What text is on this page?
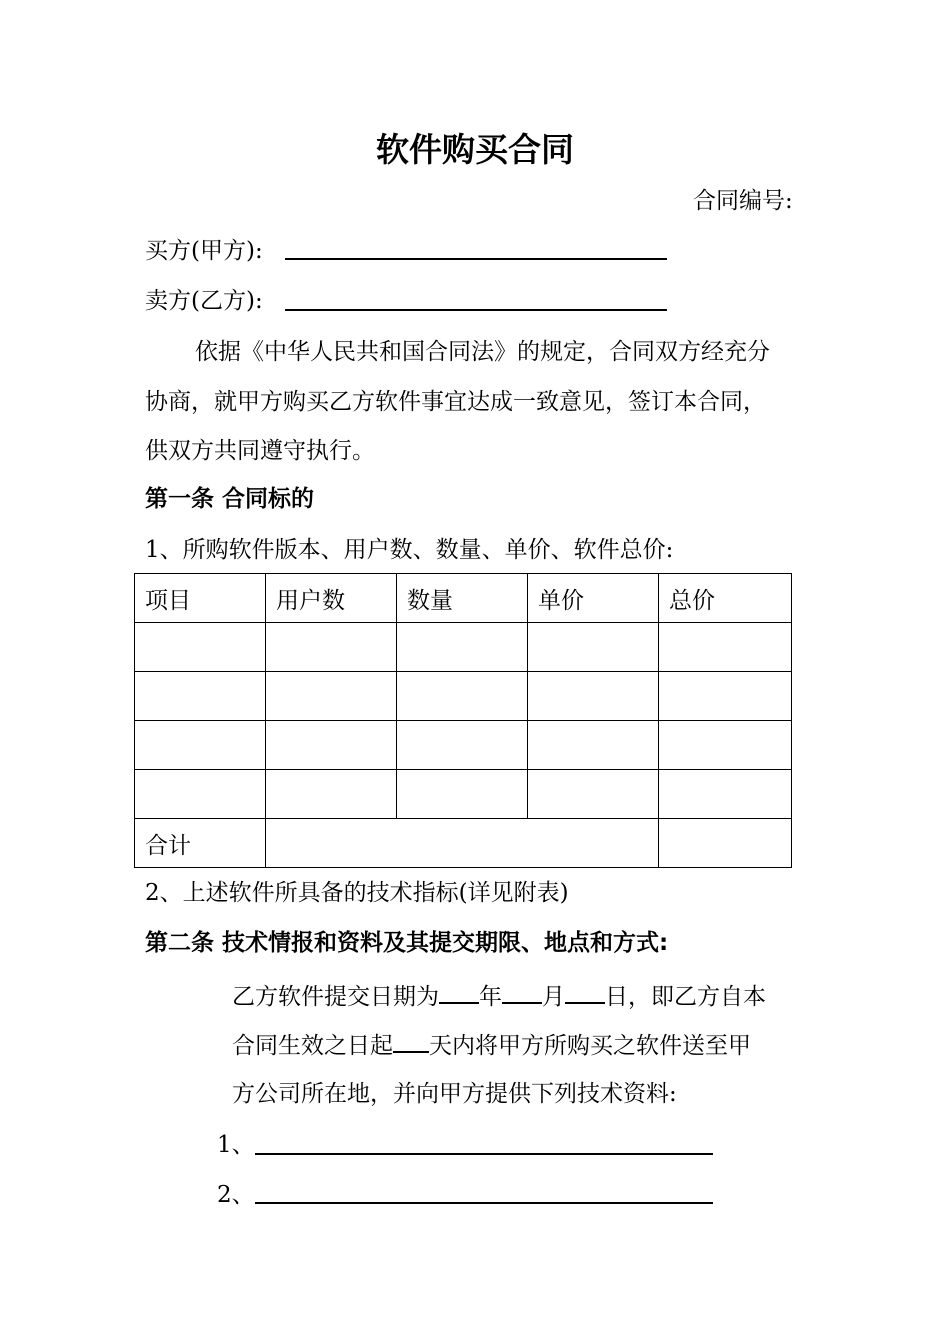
软件购买合同
合同编号:
买方(甲方):
卖方(乙方):
依据《中华人民共和国合同法》的规定，合同双方经充分
协商，就甲方购买乙方软件事宜达成一致意见，签订本合同，
供双方共同遵守执行。
第一条 合同标的
1、所购软件版本、用户数、数量、单价、软件总价:
项目	用户数	数量	单价	总价

合计				
2、上述软件所具备的技术指标(详见附表)
第二条 技术情报和资料及其提交期限、地点和方式:
乙方软件提交日期为 年 月 日，即乙方自本
合同生效之日起 天内将甲方所购买之软件送至甲
方公司所在地，并向甲方提供下列技术资料:
1、
2、
